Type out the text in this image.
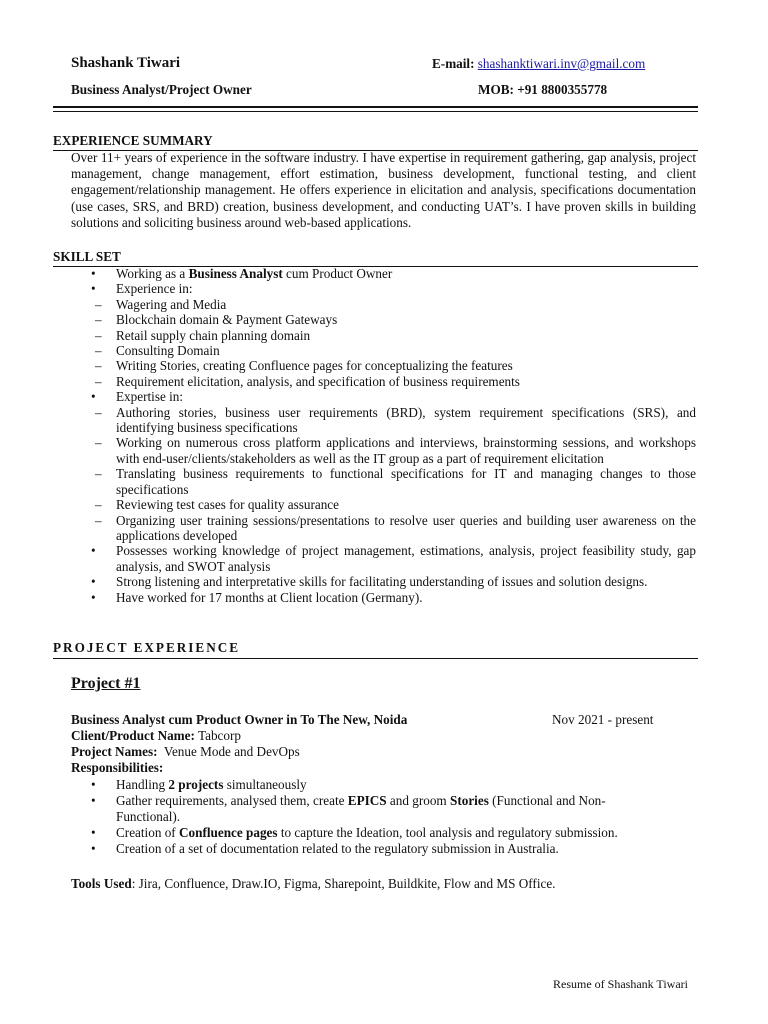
Shashank Tiwari
Business Analyst/Project Owner
E-mail: shashanktiwari.inv@gmail.com
MOB: +91 8800355778
EXPERIENCE SUMMARY
Over 11+ years of experience in the software industry. I have expertise in requirement gathering, gap analysis, project management, change management, effort estimation, business development, functional testing, and client engagement/relationship management. He offers experience in elicitation and analysis, specifications documentation (use cases, SRS, and BRD) creation, business development, and conducting UAT’s. I have proven skills in building solutions and soliciting business around web-based applications.
SKILL SET
• Working as a Business Analyst cum Product Owner
• Experience in:
– Wagering and Media
– Blockchain domain & Payment Gateways
– Retail supply chain planning domain
– Consulting Domain
– Writing Stories, creating Confluence pages for conceptualizing the features
– Requirement elicitation, analysis, and specification of business requirements
• Expertise in:
– Authoring stories, business user requirements (BRD), system requirement specifications (SRS), and identifying business specifications
– Working on numerous cross platform applications and interviews, brainstorming sessions, and workshops with end-user/clients/stakeholders as well as the IT group as a part of requirement elicitation
– Translating business requirements to functional specifications for IT and managing changes to those specifications
– Reviewing test cases for quality assurance
– Organizing user training sessions/presentations to resolve user queries and building user awareness on the applications developed
• Possesses working knowledge of project management, estimations, analysis, project feasibility study, gap analysis, and SWOT analysis
• Strong listening and interpretative skills for facilitating understanding of issues and solution designs.
• Have worked for 17 months at Client location (Germany).
PROJECT EXPERIENCE
Project #1
Business Analyst cum Product Owner in To The New, Noida	Nov 2021 - present
Client/Product Name: Tabcorp
Project Names:  Venue Mode and DevOps
Responsibilities:
• Handling 2 projects simultaneously
• Gather requirements, analysed them, create EPICS and groom Stories (Functional and Non-Functional).
• Creation of Confluence pages to capture the Ideation, tool analysis and regulatory submission.
• Creation of a set of documentation related to the regulatory submission in Australia.
Tools Used: Jira, Confluence, Draw.IO, Figma, Sharepoint, Buildkite, Flow and MS Office.
Resume of Shashank Tiwari
